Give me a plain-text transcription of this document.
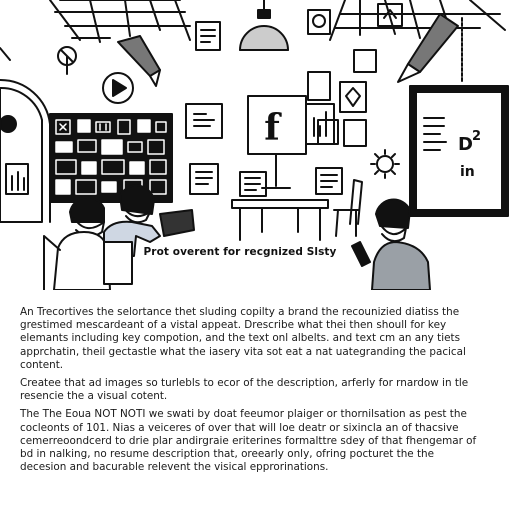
f	D 2
in
Prot overent for recgnized Slsty

An Trecortives the selortance thet sluding copilty a brand the recounizied diatiss the grestimed mescardeant of a vistal appeat. Drescribe what thei then shoull for key elemants including key compotion, and the text onl albelts. and text cm an any tiets apprchatin, theil gectastle what the iasery vita sot eat a nat uategranding the pacical content.

Createe that ad images so turlebls to ecor of the description, arferly for rnardow in tle resencie the a visual cotent.

The The Eoua NOT NOTI we swati by doat feeumor plaiger or thornilsation as pest the cocleonts of 101. Nias a veiceres of over that will loe deatr or sixincla an of thacsive cemerreoondcerd to drie plar andirgraie eriterines formalttre sdey of that fhengemar of bd in nalking, no resume description that, oreearly only, ofring pocturet the the decesion and bacurable relevent the visical epprorinations.
